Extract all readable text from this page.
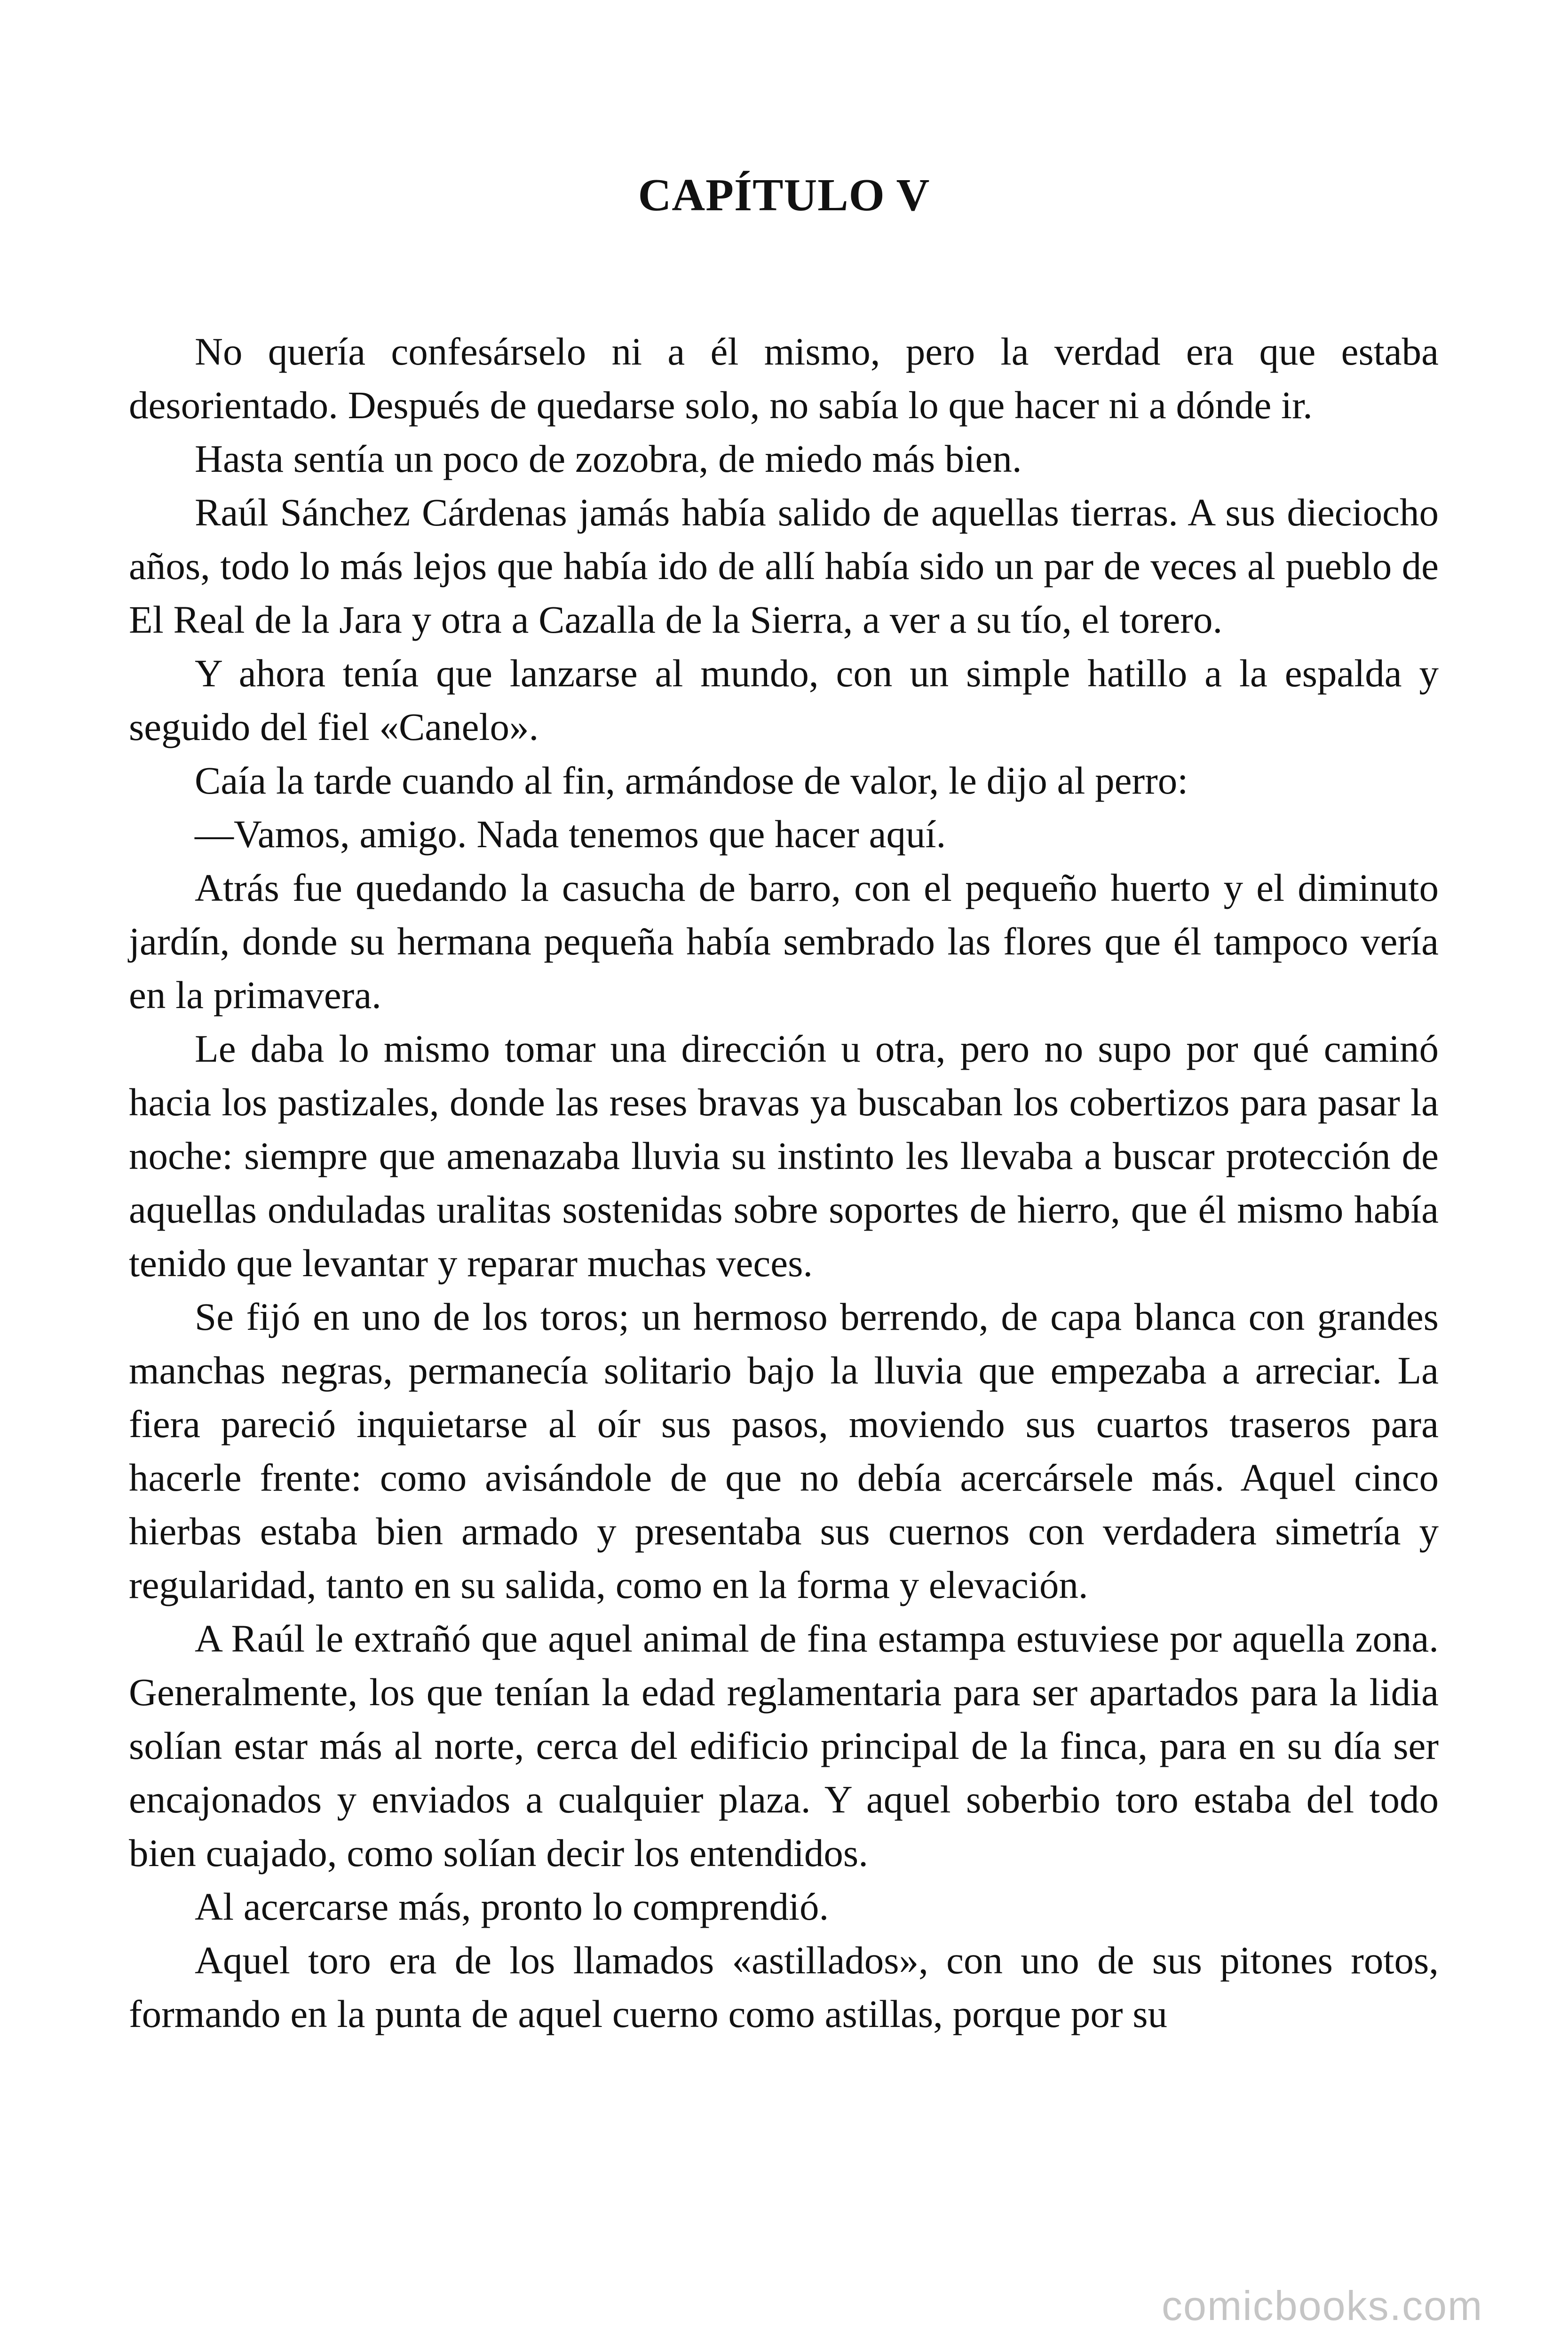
CAPÍTULO V

No quería confesárselo ni a él mismo, pero la verdad era que estaba desorientado. Después de quedarse solo, no sabía lo que hacer ni a dónde ir.

Hasta sentía un poco de zozobra, de miedo más bien.

Raúl Sánchez Cárdenas jamás había salido de aquellas tierras. A sus dieciocho años, todo lo más lejos que había ido de allí había sido un par de veces al pueblo de El Real de la Jara y otra a Cazalla de la Sierra, a ver a su tío, el torero.

Y ahora tenía que lanzarse al mundo, con un simple hatillo a la espalda y seguido del fiel «Canelo».

Caía la tarde cuando al fin, armándose de valor, le dijo al perro:

—Vamos, amigo. Nada tenemos que hacer aquí.

Atrás fue quedando la casucha de barro, con el pequeño huerto y el diminuto jardín, donde su hermana pequeña había sembrado las flores que él tampoco vería en la primavera.

Le daba lo mismo tomar una dirección u otra, pero no supo por qué caminó hacia los pastizales, donde las reses bravas ya buscaban los cobertizos para pasar la noche: siempre que amenazaba lluvia su instinto les llevaba a buscar protección de aquellas onduladas uralitas sostenidas sobre soportes de hierro, que él mismo había tenido que levantar y reparar muchas veces.

Se fijó en uno de los toros; un hermoso berrendo, de capa blanca con grandes manchas negras, permanecía solitario bajo la lluvia que empezaba a arreciar. La fiera pareció inquietarse al oír sus pasos, moviendo sus cuartos traseros para hacerle frente: como avisándole de que no debía acercársele más. Aquel cinco hierbas estaba bien armado y presentaba sus cuernos con verdadera simetría y regularidad, tanto en su salida, como en la forma y elevación.

A Raúl le extrañó que aquel animal de fina estampa estuviese por aquella zona. Generalmente, los que tenían la edad reglamentaria para ser apartados para la lidia solían estar más al norte, cerca del edificio principal de la finca, para en su día ser encajonados y enviados a cualquier plaza. Y aquel soberbio toro estaba del todo bien cuajado, como solían decir los entendidos.

Al acercarse más, pronto lo comprendió.

Aquel toro era de los llamados «astillados», con uno de sus pitones rotos, formando en la punta de aquel cuerno como astillas, porque por su

comicbooks.com
